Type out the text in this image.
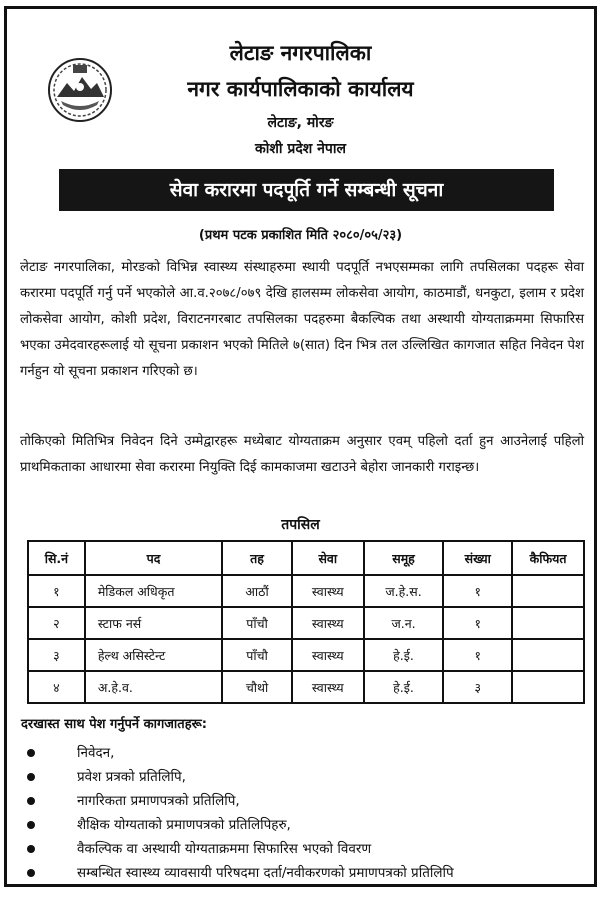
लेटाङ नगरपालिका
नगर कार्यपालिकाको कार्यालय
लेटाङ, मोरङ
कोशी प्रदेश नेपाल
सेवा करारमा पदपूर्ति गर्ने सम्बन्धी सूचना
(प्रथम पटक प्रकाशित मिति २०८०/०५/२३)

लेटाङ नगरपालिका, मोरङको विभिन्न स्वास्थ्य संस्थाहरुमा स्थायी पदपूर्ति नभएसम्मका लागि तपसिलका पदहरू सेवा करारमा पदपूर्ति गर्नु पर्ने भएकोले आ.व.२०७८/०७९ देखि हालसम्म लोकसेवा आयोग, काठमाडौं, धनकुटा, इलाम र प्रदेश लोकसेवा आयोग, कोशी प्रदेश, विराटनगरबाट तपसिलका पदहरुमा बैकल्पिक तथा अस्थायी योग्यताक्रममा सिफारिस भएका उमेदवारहरूलाई यो सूचना प्रकाशन भएको मितिले ७(सात) दिन भित्र तल उल्लिखित कागजात सहित निवेदन पेश गर्नहुन यो सूचना प्रकाशन गरिएको छ।

तोकिएको मितिभित्र निवेदन दिने उम्मेद्वारहरू मध्येबाट योग्यताक्रम अनुसार एवम् पहिलो दर्ता हुन आउनेलाई पहिलो प्राथमिकताका आधारमा सेवा करारमा नियुक्ति दिई कामकाजमा खटाउने बेहोरा जानकारी गराइन्छ।

तपसिल
सि.नं	पद	तह	सेवा	समूह	संख्या	कैफियत
१	मेडिकल अधिकृत	आठौं	स्वास्थ्य	ज.हे.स.	१	
२	स्टाफ नर्स	पाँचौ	स्वास्थ्य	ज.न.	१	
३	हेल्थ असिस्टेन्ट	पाँचौ	स्वास्थ्य	हे.ई.	१	
४	अ.हे.व.	चौथो	स्वास्थ्य	हे.ई.	३	
दरखास्त साथ पेश गर्नुपर्ने कागजातहरू:
निवेदन,
प्रवेश प्रत्रको प्रतिलिपि,
नागरिकता प्रमाणपत्रको प्रतिलिपि,
शैक्षिक योग्यताको प्रमाणपत्रको प्रतिलिपिहरु,
वैकल्पिक वा अस्थायी योग्यताक्रममा सिफारिस भएको विवरण
सम्बन्धित स्वास्थ्य व्यावसायी परिषदमा दर्ता/नवीकरणको प्रमाणपत्रको प्रतिलिपि
